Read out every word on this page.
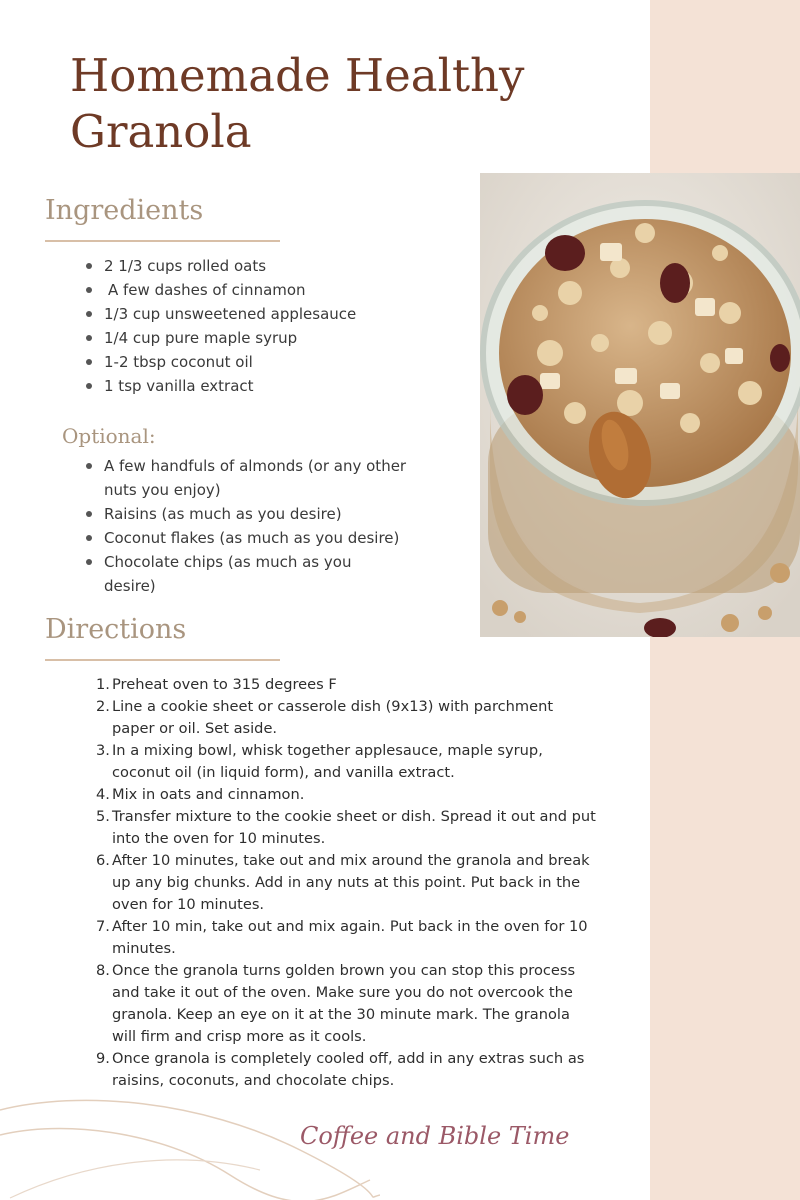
Homemade Healthy Granola
Ingredients
2 1/3 cups rolled oats
A few dashes of cinnamon
1/3 cup unsweetened applesauce
1/4 cup pure maple syrup
1-2 tbsp coconut oil
1 tsp vanilla extract
Optional:
A few handfuls of almonds (or any other nuts you enjoy)
Raisins (as much as you desire)
Coconut flakes (as much as you desire)
Chocolate chips (as much as you desire)
Directions
1. Preheat oven to 315 degrees F
2. Line a cookie sheet or casserole dish (9x13) with parchment paper or oil. Set aside.
3. In a mixing bowl, whisk together applesauce, maple syrup, coconut oil (in liquid form), and vanilla extract.
4. Mix in oats and cinnamon.
5. Transfer mixture to the cookie sheet or dish. Spread it out and put into the oven for 10 minutes.
6. After 10 minutes, take out and mix around the granola and break up any big chunks. Add in any nuts at this point. Put back in the oven for 10 minutes.
7. After 10 min, take out and mix again. Put back in the oven for 10 minutes.
8. Once the granola turns golden brown you can stop this process and take it out of the oven. Make sure you do not overcook the granola. Keep an eye on it at the 30 minute mark. The granola will firm and crisp more as it cools.
9. Once granola is completely cooled off, add in any extras such as raisins, coconuts, and chocolate chips.
Coffee and Bible Time
